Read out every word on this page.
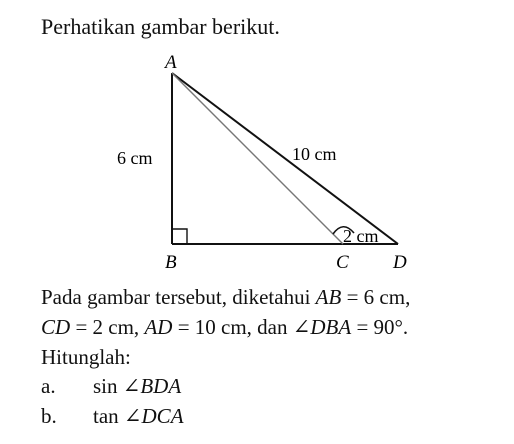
Perhatikan gambar berikut.

A
B	C D
6 cm	10 cm
2 cm

Pada gambar tersebut, diketahui AB = 6 cm,

CD = 2 cm, AD = 10 cm, dan ∠DBA = 90°.

Hitunglah:

a. sin ∠BDA
b. tan ∠DCA
